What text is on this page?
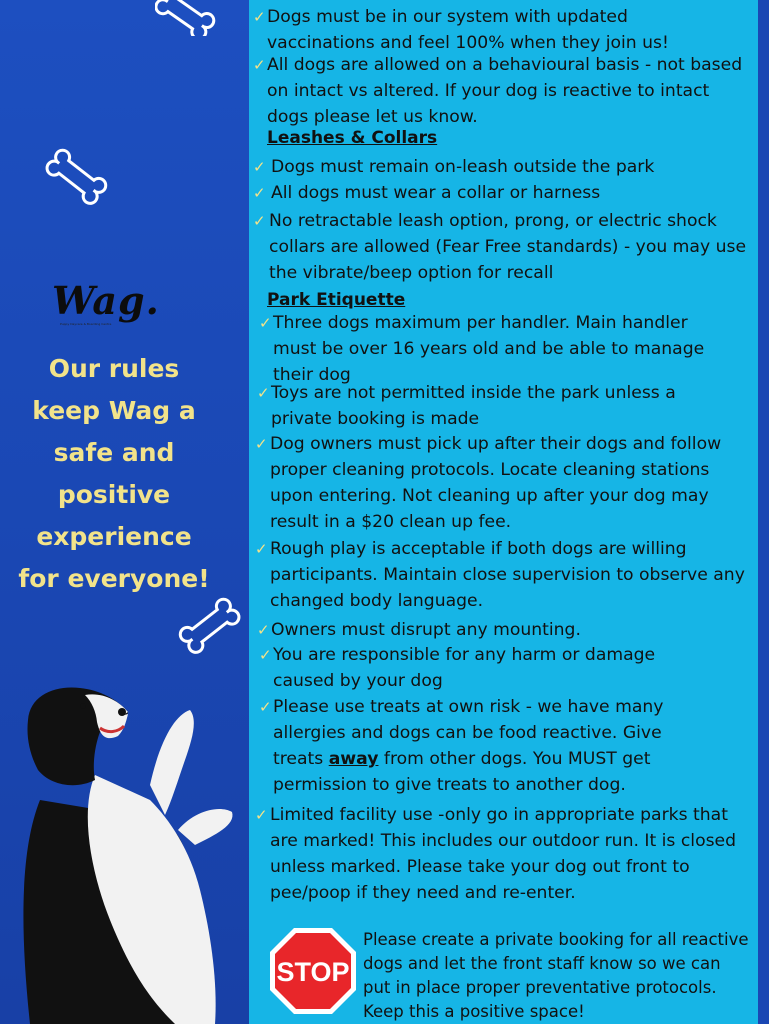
Wag.
Puppy Daycare & Boarding Centre
Our rules
keep Wag a
safe and
positive
experience
for everyone!
✓ Dogs must be in our system with updated vaccinations and feel 100% when they join us!
✓ All dogs are allowed on a behavioural basis - not based on intact vs altered. If your dog is reactive to intact dogs please let us know.
Leashes & Collars
✓ Dogs must remain on-leash outside the park
✓ All dogs must wear a collar or harness
✓ No retractable leash option, prong, or electric shock collars are allowed (Fear Free standards) - you may use the vibrate/beep option for recall
Park Etiquette
✓ Three dogs maximum per handler. Main handler must be over 16 years old and be able to manage their dog
✓ Toys are not permitted inside the park unless a private booking is made
✓ Dog owners must pick up after their dogs and follow proper cleaning protocols. Locate cleaning stations upon entering. Not cleaning up after your dog may result in a $20 clean up fee.
✓ Rough play is acceptable if both dogs are willing participants. Maintain close supervision to observe any changed body language.
✓ Owners must disrupt any mounting.
✓ You are responsible for any harm or damage caused by your dog
✓ Please use treats at own risk - we have many allergies and dogs can be food reactive. Give treats away from other dogs. You MUST get permission to give treats to another dog.
✓ Limited facility use -only go in appropriate parks that are marked! This includes our outdoor run. It is closed unless marked. Please take your dog out front to pee/poop if they need and re-enter.
STOP
Please create a private booking for all reactive dogs and let the front staff know so we can put in place proper preventative protocols. Keep this a positive space!
